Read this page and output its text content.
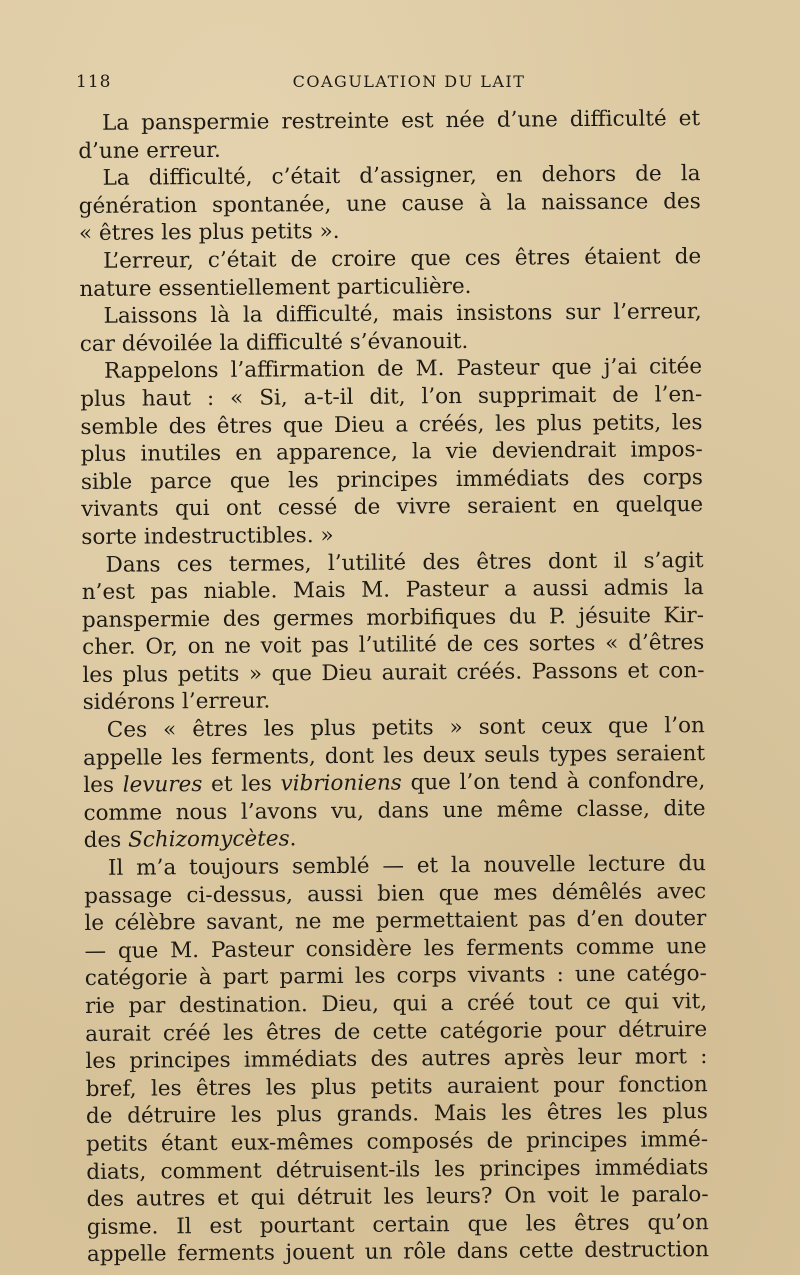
118	COAGULATION DU LAIT
La panspermie restreinte est née d’une difficulté et
d’une erreur.
La difficulté, c’était d’assigner, en dehors de la
génération spontanée, une cause à la naissance des
« êtres les plus petits ».
L’erreur, c’était de croire que ces êtres étaient de
nature essentiellement particulière.
Laissons là la difficulté, mais insistons sur l’erreur,
car dévoilée la difficulté s’évanouit.
Rappelons l’affirmation de M. Pasteur que j’ai citée
plus haut : « Si, a-t-il dit, l’on supprimait de l’en-
semble des êtres que Dieu a créés, les plus petits, les
plus inutiles en apparence, la vie deviendrait impos-
sible parce que les principes immédiats des corps
vivants qui ont cessé de vivre seraient en quelque
sorte indestructibles. »
Dans ces termes, l’utilité des êtres dont il s’agit
n’est pas niable. Mais M. Pasteur a aussi admis la
panspermie des germes morbifiques du P. jésuite Kir-
cher. Or, on ne voit pas l’utilité de ces sortes « d’êtres
les plus petits » que Dieu aurait créés. Passons et con-
sidérons l’erreur.
Ces « êtres les plus petits » sont ceux que l’on
appelle les ferments, dont les deux seuls types seraient
les levures et les vibrioniens que l’on tend à confondre,
comme nous l’avons vu, dans une même classe, dite
des Schizomycètes.
Il m’a toujours semblé — et la nouvelle lecture du
passage ci-dessus, aussi bien que mes démêlés avec
le célèbre savant, ne me permettaient pas d’en douter
— que M. Pasteur considère les ferments comme une
catégorie à part parmi les corps vivants : une catégo-
rie par destination. Dieu, qui a créé tout ce qui vit,
aurait créé les êtres de cette catégorie pour détruire
les principes immédiats des autres après leur mort :
bref, les êtres les plus petits auraient pour fonction
de détruire les plus grands. Mais les êtres les plus
petits étant eux-mêmes composés de principes immé-
diats, comment détruisent-ils les principes immédiats
des autres et qui détruit les leurs? On voit le paralo-
gisme. Il est pourtant certain que les êtres qu’on
appelle ferments jouent un rôle dans cette destruction
